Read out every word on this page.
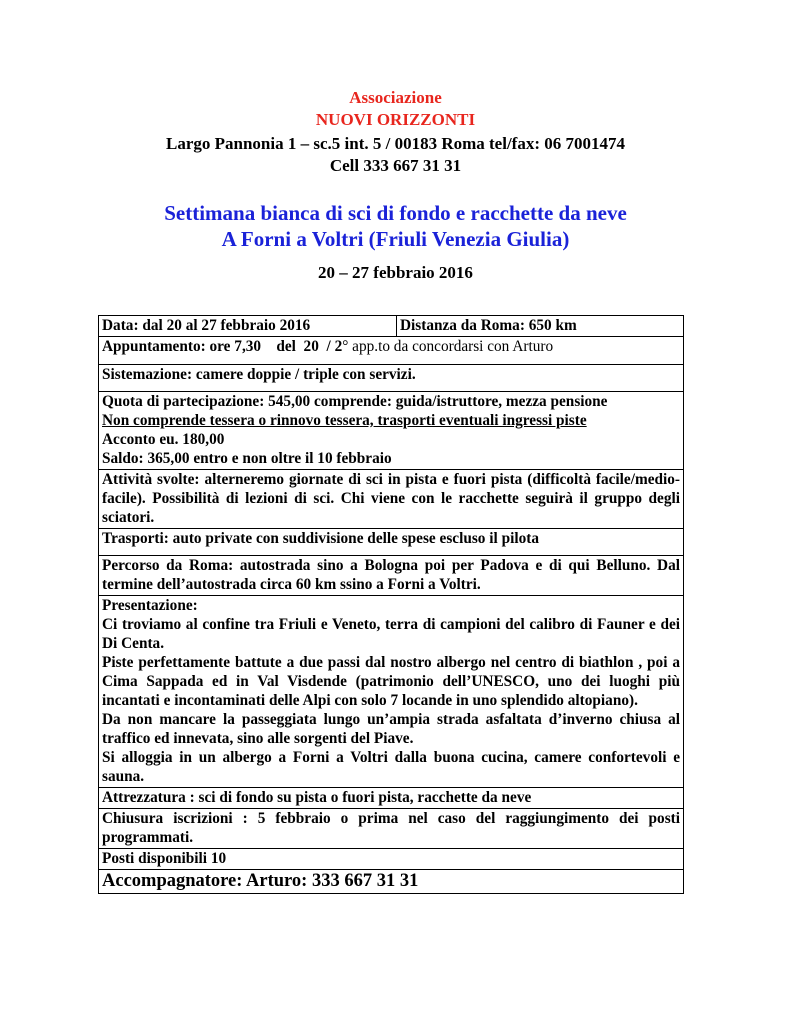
Associazione
NUOVI ORIZZONTI
Largo Pannonia 1 – sc.5 int. 5 / 00183 Roma tel/fax: 06 7001474
Cell 333 667 31 31
Settimana bianca di sci di fondo e racchette da neve
A Forni a Voltri (Friuli Venezia Giulia)
20 – 27 febbraio 2016
Data: dal 20 al 27 febbraio 2016	Distanza da Roma: 650 km
Appuntamento: ore 7,30    del  20  / 2° app.to da concordarsi con Arturo
Sistemazione: camere doppie / triple con servizi.

Quota di partecipazione: 545,00 comprende: guida/istruttore, mezza pensione
Non comprende tessera o rinnovo tessera, trasporti eventuali ingressi piste
Acconto eu. 180,00
Saldo: 365,00 entro e non oltre il 10 febbraio

Attività svolte: alterneremo giornate di sci in pista e fuori pista (difficoltà facile/medio-facile). Possibilità di lezioni di sci. Chi viene con le racchette seguirà il gruppo degli sciatori.
Trasporti: auto private con suddivisione delle spese escluso il pilota
Percorso da Roma: autostrada sino a Bologna poi per Padova e di qui Belluno. Dal termine dell’autostrada circa 60 km ssino a Forni a Voltri.

Presentazione:
Ci troviamo al confine tra Friuli e Veneto, terra di campioni del calibro di Fauner e dei Di Centa.
Piste perfettamente battute a due passi dal nostro albergo nel centro di biathlon , poi a Cima Sappada ed in Val Visdende (patrimonio dell’UNESCO, uno dei luoghi più incantati e incontaminati delle Alpi con solo 7 locande in uno splendido altopiano).
Da non mancare la passeggiata lungo un’ampia strada asfaltata d’inverno chiusa al traffico ed innevata, sino alle sorgenti del Piave.
Si alloggia in un albergo a Forni a Voltri dalla buona cucina, camere confortevoli e sauna.

Attrezzatura : sci di fondo su pista o fuori pista, racchette da neve
Chiusura iscrizioni : 5 febbraio o prima nel caso del raggiungimento dei posti programmati.
Posti disponibili 10
Accompagnatore: Arturo: 333 667 31 31
